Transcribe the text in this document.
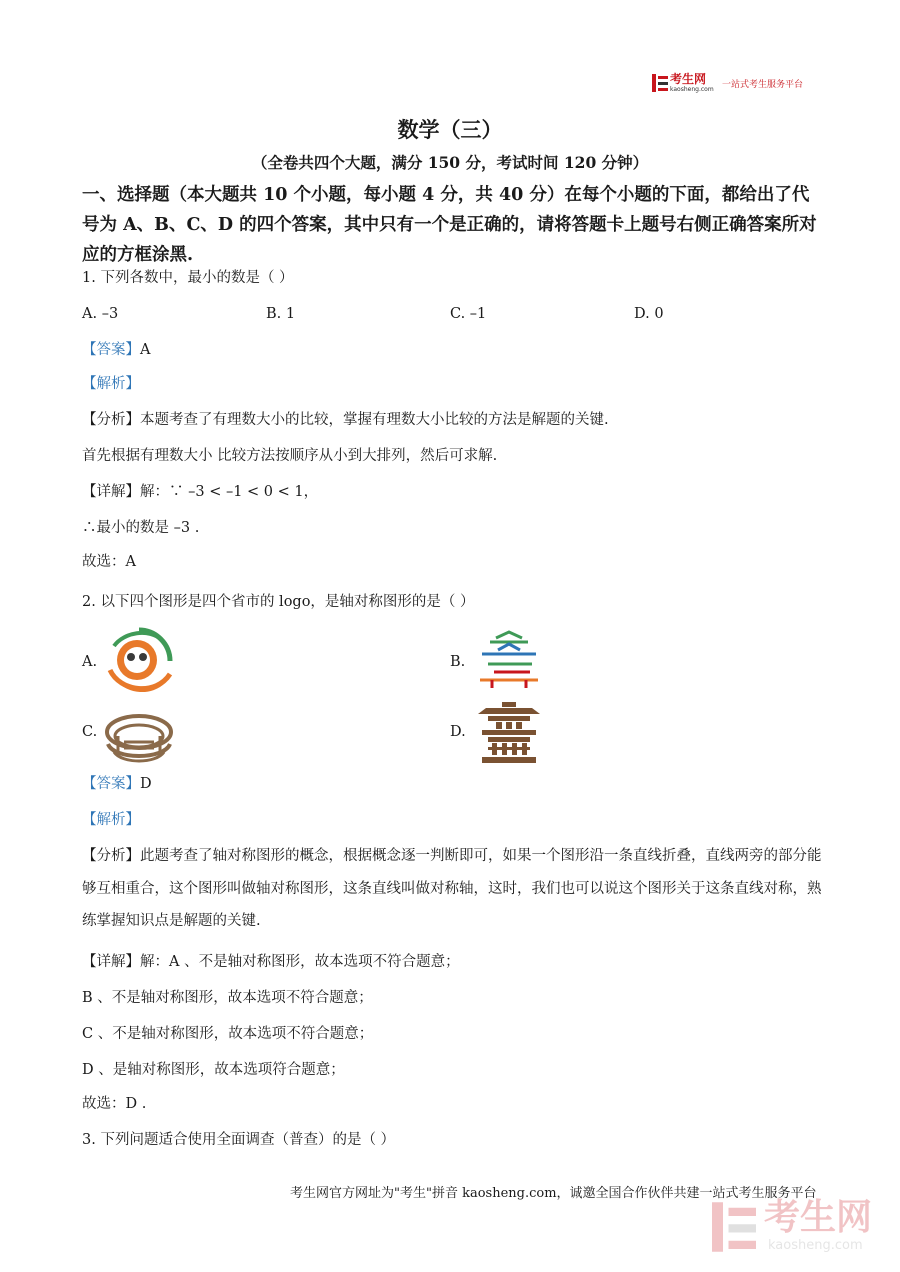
考生网
kaosheng.com 一站式考生服务平台
数学（三）
（全卷共四个大题，满分 150 分，考试时间 120 分钟）
一、选择题（本大题共 10 个小题，每小题 4 分，共 40 分）在每个小题的下面，都给出了代号为 A、B、C、D 的四个答案，其中只有一个是正确的，请将答题卡上题号右侧正确答案所对应的方框涂黑.
1. 下列各数中，最小的数是（ ）
A. –3	B. 1	C. –1	D. 0
【答案】A
【解析】
【分析】本题考查了有理数大小的比较，掌握有理数大小比较的方法是解题的关键.
首先根据有理数大小 比较方法按顺序从小到大排列，然后可求解.
【详解】解：∵ –3 < –1 < 0 < 1，
∴最小的数是 –3 .
故选：A
2. 以下四个图形是四个省市的 logo，是轴对称图形的是（ ）
A.	B.
C.	D.
【答案】D
【解析】
【分析】此题考查了轴对称图形的概念，根据概念逐一判断即可，如果一个图形沿一条直线折叠，直线两旁的部分能够互相重合，这个图形叫做轴对称图形，这条直线叫做对称轴，这时，我们也可以说这个图形关于这条直线对称，熟练掌握知识点是解题的关键.
【详解】解：A 、不是轴对称图形，故本选项不符合题意；
B 、不是轴对称图形，故本选项不符合题意；
C 、不是轴对称图形，故本选项不符合题意；
D 、是轴对称图形，故本选项符合题意；
故选：D .
3. 下列问题适合使用全面调查（普查）的是（ ）
考生网官方网址为"考生"拼音 kaosheng.com，诚邀全国合作伙伴共建一站式考生服务平台
考生网
kaosheng.com
